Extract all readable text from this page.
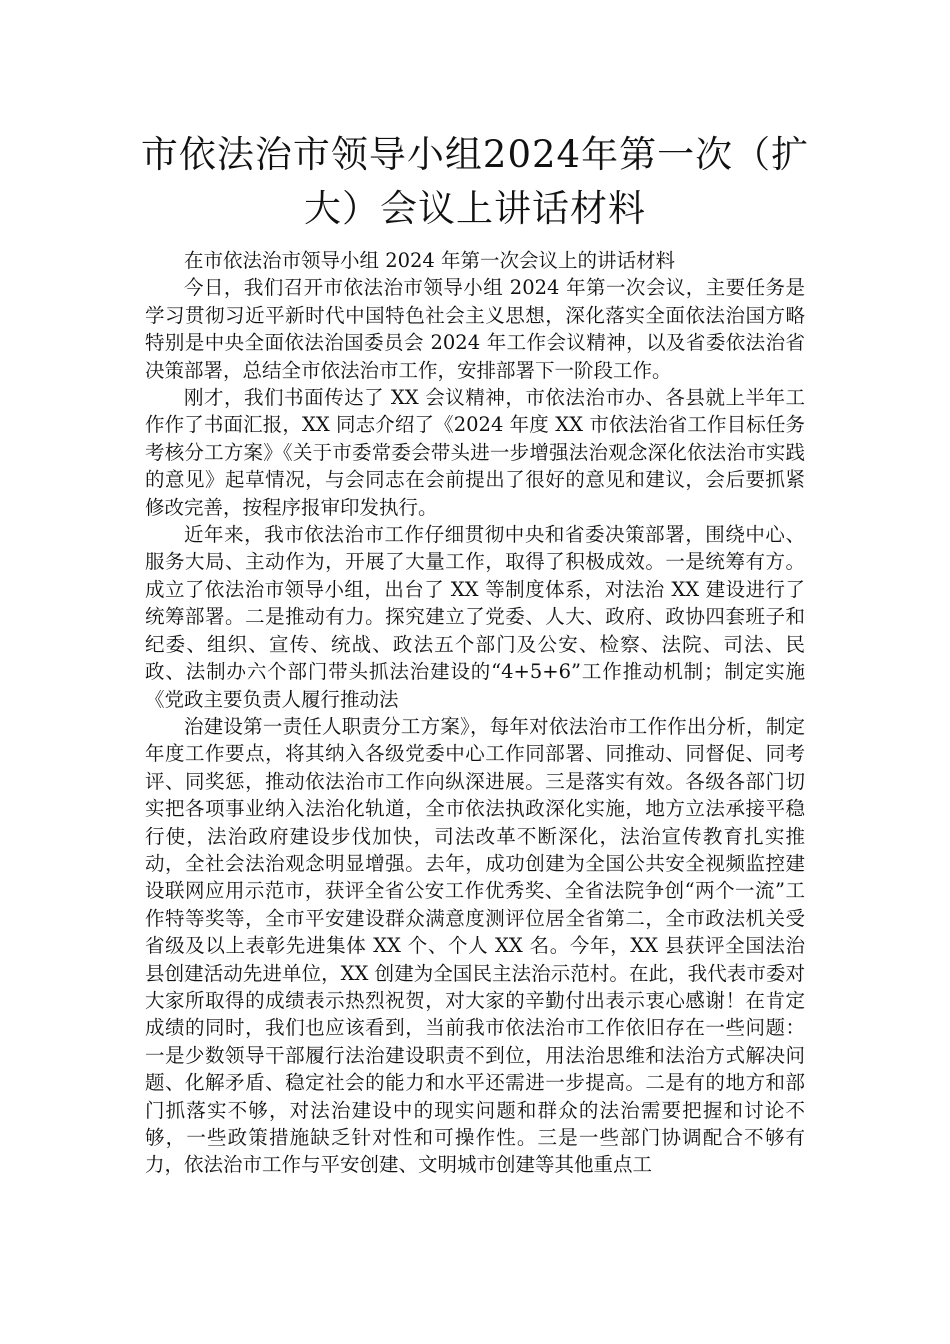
市依法治市领导小组2024年第一次（扩
大）会议上讲话材料

在市依法治市领导小组 2024 年第一次会议上的讲话材料

今日，我们召开市依法治市领导小组 2024 年第一次会议，主要任务是学习贯彻习近平新时代中国特色社会主义思想，深化落实全面依法治国方略特别是中央全面依法治国委员会 2024 年工作会议精神，以及省委依法治省决策部署，总结全市依法治市工作，安排部署下一阶段工作。

刚才，我们书面传达了 XX 会议精神，市依法治市办、各县就上半年工作作了书面汇报，XX 同志介绍了《2024 年度 XX 市依法治省工作目标任务考核分工方案》《关于市委常委会带头进一步增强法治观念深化依法治市实践的意见》起草情况，与会同志在会前提出了很好的意见和建议，会后要抓紧修改完善，按程序报审印发执行。

近年来，我市依法治市工作仔细贯彻中央和省委决策部署，围绕中心、服务大局、主动作为，开展了大量工作，取得了积极成效。一是统筹有方。成立了依法治市领导小组，出台了 XX 等制度体系，对法治 XX 建设进行了统筹部署。二是推动有力。探究建立了党委、人大、政府、政协四套班子和纪委、组织、宣传、统战、政法五个部门及公安、检察、法院、司法、民政、法制办六个部门带头抓法治建设的“4+5+6”工作推动机制；制定实施《党政主要负责人履行推动法

治建设第一责任人职责分工方案》，每年对依法治市工作作出分析，制定年度工作要点，将其纳入各级党委中心工作同部署、同推动、同督促、同考评、同奖惩，推动依法治市工作向纵深进展。三是落实有效。各级各部门切实把各项事业纳入法治化轨道，全市依法执政深化实施，地方立法承接平稳行使，法治政府建设步伐加快，司法改革不断深化，法治宣传教育扎实推动，全社会法治观念明显增强。去年，成功创建为全国公共安全视频监控建设联网应用示范市，获评全省公安工作优秀奖、全省法院争创“两个一流”工作特等奖等，全市平安建设群众满意度测评位居全省第二，全市政法机关受省级及以上表彰先进集体 XX 个、个人 XX 名。今年，XX 县获评全国法治县创建活动先进单位，XX 创建为全国民主法治示范村。在此，我代表市委对大家所取得的成绩表示热烈祝贺，对大家的辛勤付出表示衷心感谢！在肯定成绩的同时，我们也应该看到，当前我市依法治市工作依旧存在一些问题：一是少数领导干部履行法治建设职责不到位，用法治思维和法治方式解决问题、化解矛盾、稳定社会的能力和水平还需进一步提高。二是有的地方和部门抓落实不够，对法治建设中的现实问题和群众的法治需要把握和讨论不够，一些政策措施缺乏针对性和可操作性。三是一些部门协调配合不够有力，依法治市工作与平安创建、文明城市创建等其他重点工
